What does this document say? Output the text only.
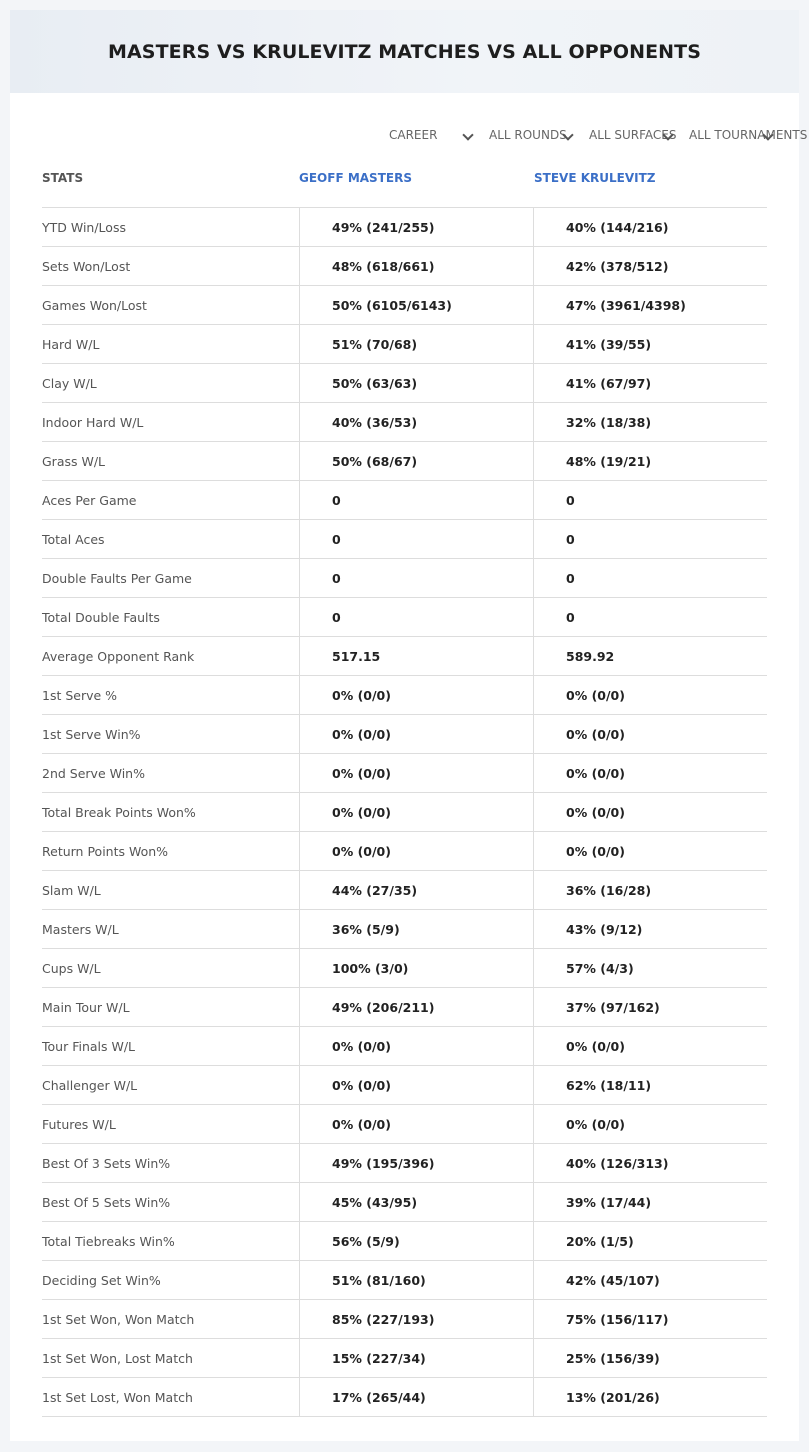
MASTERS VS KRULEVITZ MATCHES VS ALL OPPONENTS
CAREER	ALL ROUNDS ALL SURFACES ALL TOURNAMENTS
STATS	GEOFF MASTERS	STEVE KRULEVITZ
YTD Win/Loss	49% (241/255)	40% (144/216)
Sets Won/Lost	48% (618/661)	42% (378/512)
Games Won/Lost	50% (6105/6143)	47% (3961/4398)
Hard W/L	51% (70/68)	41% (39/55)
Clay W/L	50% (63/63)	41% (67/97)
Indoor Hard W/L	40% (36/53)	32% (18/38)
Grass W/L	50% (68/67)	48% (19/21)
Aces Per Game	0	0
Total Aces	0	0
Double Faults Per Game	0	0
Total Double Faults	0	0
Average Opponent Rank	517.15	589.92
1st Serve %	0% (0/0)	0% (0/0)
1st Serve Win%	0% (0/0)	0% (0/0)
2nd Serve Win%	0% (0/0)	0% (0/0)
Total Break Points Won%	0% (0/0)	0% (0/0)
Return Points Won%	0% (0/0)	0% (0/0)
Slam W/L	44% (27/35)	36% (16/28)
Masters W/L	36% (5/9)	43% (9/12)
Cups W/L	100% (3/0)	57% (4/3)
Main Tour W/L	49% (206/211)	37% (97/162)
Tour Finals W/L	0% (0/0)	0% (0/0)
Challenger W/L	0% (0/0)	62% (18/11)
Futures W/L	0% (0/0)	0% (0/0)
Best Of 3 Sets Win%	49% (195/396)	40% (126/313)
Best Of 5 Sets Win%	45% (43/95)	39% (17/44)
Total Tiebreaks Win%	56% (5/9)	20% (1/5)
Deciding Set Win%	51% (81/160)	42% (45/107)
1st Set Won, Won Match	85% (227/193)	75% (156/117)
1st Set Won, Lost Match	15% (227/34)	25% (156/39)
1st Set Lost, Won Match	17% (265/44)	13% (201/26)
